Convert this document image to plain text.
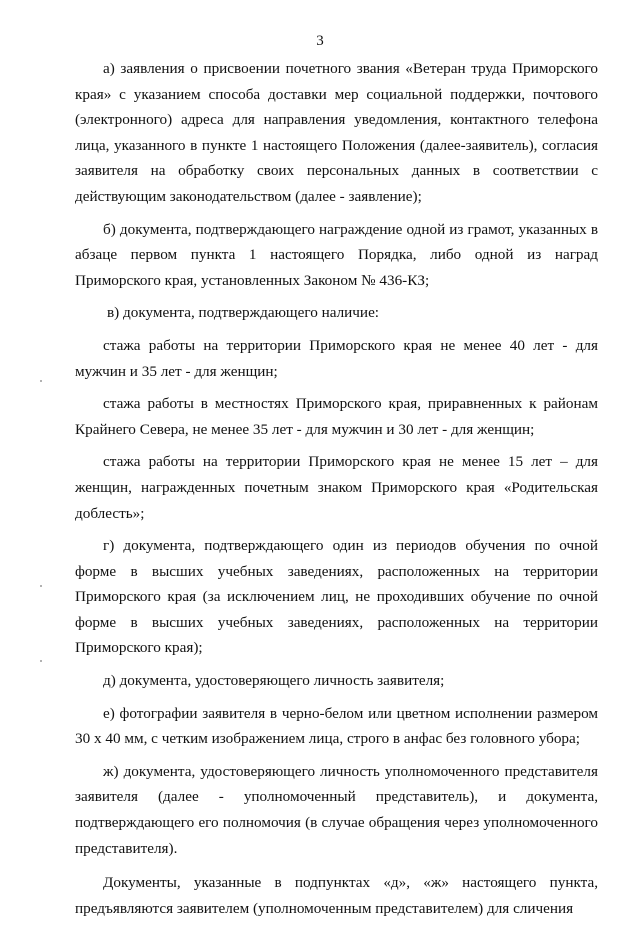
3

а) заявления о присвоении почетного звания «Ветеран труда Приморского края» с указанием способа доставки мер социальной поддержки, почтового (электронного) адреса для направления уведомления, контактного телефона лица, указанного в пункте 1 настоящего Положения (далее-заявитель), согласия заявителя на обработку своих персональных данных в соответствии с действующим законодательством (далее - заявление);

б) документа, подтверждающего награждение одной из грамот, указанных в абзаце первом пункта 1 настоящего Порядка, либо одной из наград Приморского края, установленных Законом № 436-КЗ;

в) документа, подтверждающего наличие:

стажа работы на территории Приморского края не менее 40 лет - для мужчин и 35 лет - для женщин;

стажа работы в местностях Приморского края, приравненных к районам Крайнего Севера, не менее 35 лет - для мужчин и 30 лет - для женщин;

стажа работы на территории Приморского края не менее 15 лет – для женщин, награжденных почетным знаком Приморского края «Родительская доблесть»;

г) документа, подтверждающего один из периодов обучения по очной форме в высших учебных заведениях, расположенных на территории Приморского края (за исключением лиц, не проходивших обучение по очной форме в высших учебных заведениях, расположенных на территории Приморского края);

д) документа, удостоверяющего личность заявителя;

е) фотографии заявителя в черно-белом или цветном исполнении размером 30 х 40 мм, с четким изображением лица, строго в анфас без головного убора;

ж) документа, удостоверяющего личность уполномоченного представителя заявителя (далее - уполномоченный представитель), и документа, подтверждающего его полномочия (в случае обращения через уполномоченного представителя).

Документы, указанные в подпунктах «д», «ж» настоящего пункта, предъявляются заявителем (уполномоченным представителем) для сличения
